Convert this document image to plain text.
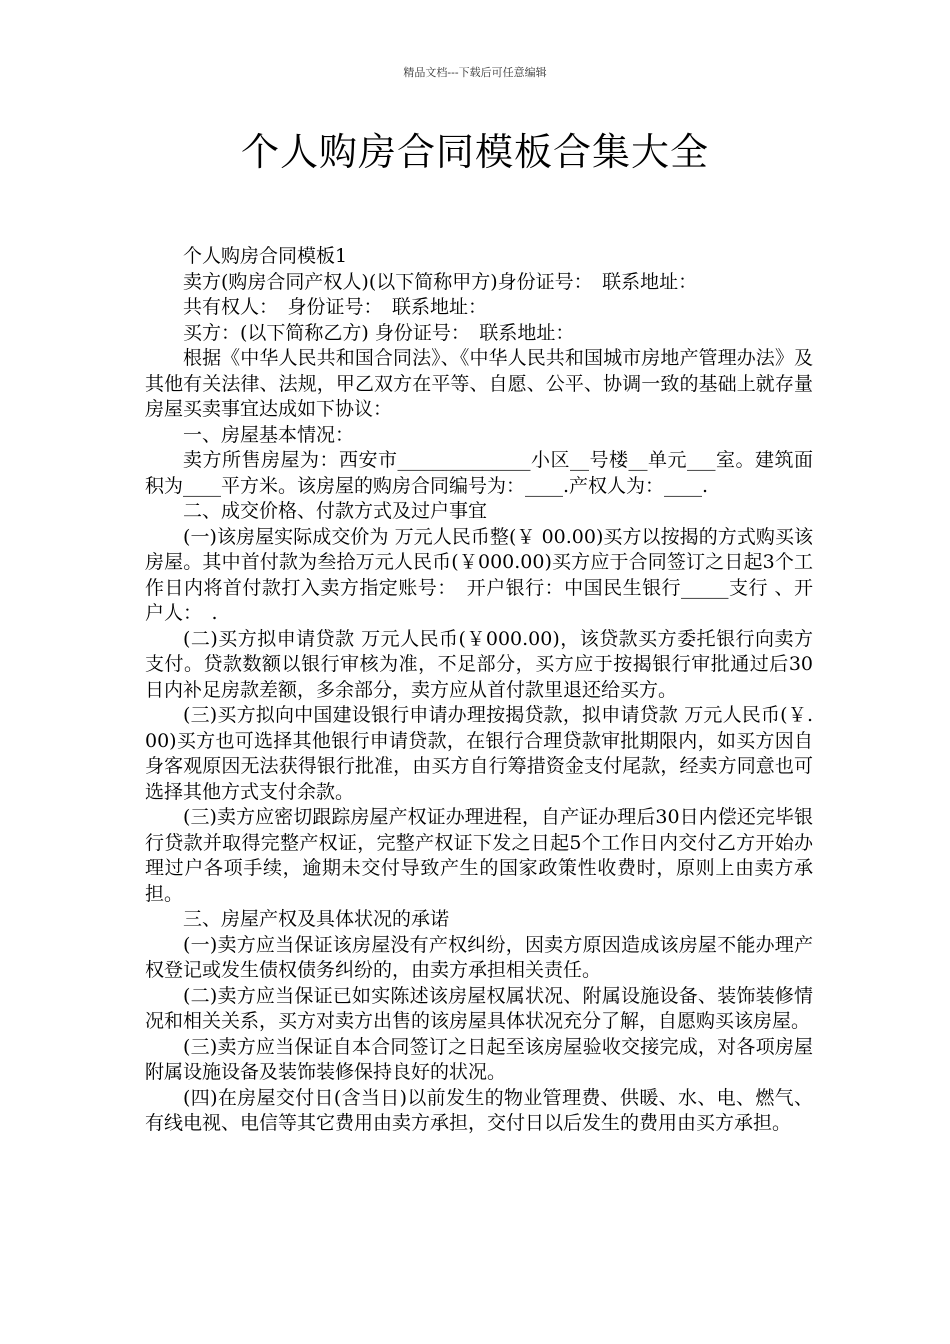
精品文档---下载后可任意编辑
个人购房合同模板合集大全

个人购房合同模板1

卖方(购房合同产权人)(以下简称甲方)身份证号：　联系地址：

共有权人：　身份证号：　联系地址：

买方：(以下简称乙方) 身份证号：　联系地址：

根据《中华人民共和国合同法》、《中华人民共和国城市房地产管理办法》及其他有关法律、法规，甲乙双方在平等、自愿、公平、协调一致的基础上就存量房屋买卖事宜达成如下协议：

一、房屋基本情况：

卖方所售房屋为：西安市______________小区__号楼__单元___室。建筑面积为____平方米。该房屋的购房合同编号为：____.产权人为：____.

二、成交价格、付款方式及过户事宜

(一)该房屋实际成交价为 万元人民币整(￥ 00.00)买方以按揭的方式购买该房屋。其中首付款为叁拾万元人民币(￥000.00)买方应于合同签订之日起3个工作日内将首付款打入卖方指定账号：　开户银行：中国民生银行_____支行 、开户人：　.

(二)买方拟申请贷款 万元人民币(￥000.00)，该贷款买方委托银行向卖方支付。贷款数额以银行审核为准，不足部分，买方应于按揭银行审批通过后30日内补足房款差额，多余部分，卖方应从首付款里退还给买方。

(三)买方拟向中国建设银行申请办理按揭贷款，拟申请贷款 万元人民币(￥.00)买方也可选择其他银行申请贷款，在银行合理贷款审批期限内，如买方因自身客观原因无法获得银行批准，由买方自行筹措资金支付尾款，经卖方同意也可选择其他方式支付余款。

(三)卖方应密切跟踪房屋产权证办理进程，自产证办理后30日内偿还完毕银行贷款并取得完整产权证，完整产权证下发之日起5个工作日内交付乙方开始办理过户各项手续，逾期未交付导致产生的国家政策性收费时，原则上由卖方承担。

三、房屋产权及具体状况的承诺

(一)卖方应当保证该房屋没有产权纠纷，因卖方原因造成该房屋不能办理产权登记或发生债权债务纠纷的，由卖方承担相关责任。

(二)卖方应当保证已如实陈述该房屋权属状况、附属设施设备、装饰装修情况和相关关系，买方对卖方出售的该房屋具体状况充分了解，自愿购买该房屋。

(三)卖方应当保证自本合同签订之日起至该房屋验收交接完成，对各项房屋附属设施设备及装饰装修保持良好的状况。

(四)在房屋交付日(含当日)以前发生的物业管理费、供暖、水、电、燃气、有线电视、电信等其它费用由卖方承担，交付日以后发生的费用由买方承担。
